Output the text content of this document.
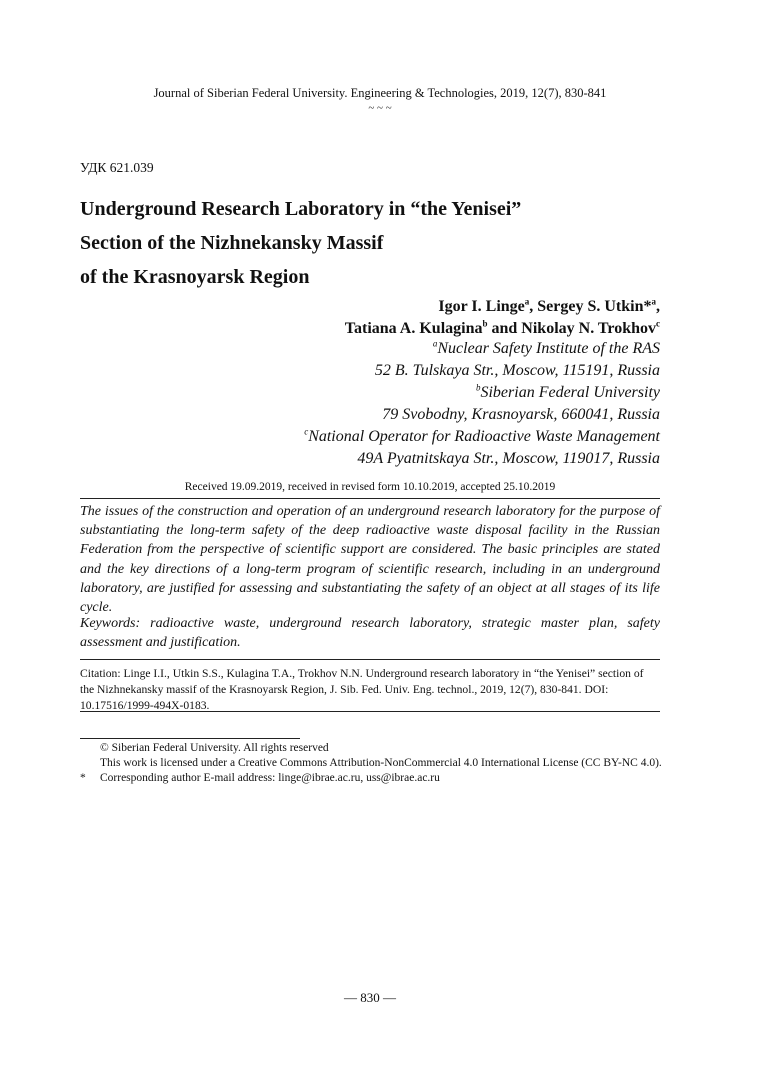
Journal of Siberian Federal University. Engineering & Technologies, 2019, 12(7), 830-841
~ ~ ~
УДК 621.039
Underground Research Laboratory in “the Yenisei”
Section of the Nizhnekansky Massif
of the Krasnoyarsk Region
Igor I. Linge$^a$, Sergey S. Utkin*$^a$,
Tatiana A. Kulagina$^b$ and Nikolay N. Trokhov$^c$
$^a$Nuclear Safety Institute of the RAS
52 B. Tulskaya Str., Moscow, 115191, Russia
$^b$Siberian Federal University
79 Svobodny, Krasnoyarsk, 660041, Russia
$^c$National Operator for Radioactive Waste Management
49A Pyatnitskaya Str., Moscow, 119017, Russia
Received 19.09.2019, received in revised form 10.10.2019, accepted 25.10.2019
The issues of the construction and operation of an underground research laboratory for the purpose of substantiating the long-term safety of the deep radioactive waste disposal facility in the Russian Federation from the perspective of scientific support are considered. The basic principles are stated and the key directions of a long-term program of scientific research, including in an underground laboratory, are justified for assessing and substantiating the safety of an object at all stages of its life cycle.
Keywords: radioactive waste, underground research laboratory, strategic master plan, safety assessment and justification.
Citation: Linge I.I., Utkin S.S., Kulagina T.A., Trokhov N.N. Underground research laboratory in “the Yenisei” section of the Nizhnekansky massif of the Krasnoyarsk Region, J. Sib. Fed. Univ. Eng. technol., 2019, 12(7), 830-841. DOI: 10.17516/1999-494X-0183.
© Siberian Federal University. All rights reserved
This work is licensed under a Creative Commons Attribution-NonCommercial 4.0 International License (CC BY-NC 4.0).
*	Corresponding author E-mail address: linge@ibrae.ac.ru, uss@ibrae.ac.ru
— 830 —
